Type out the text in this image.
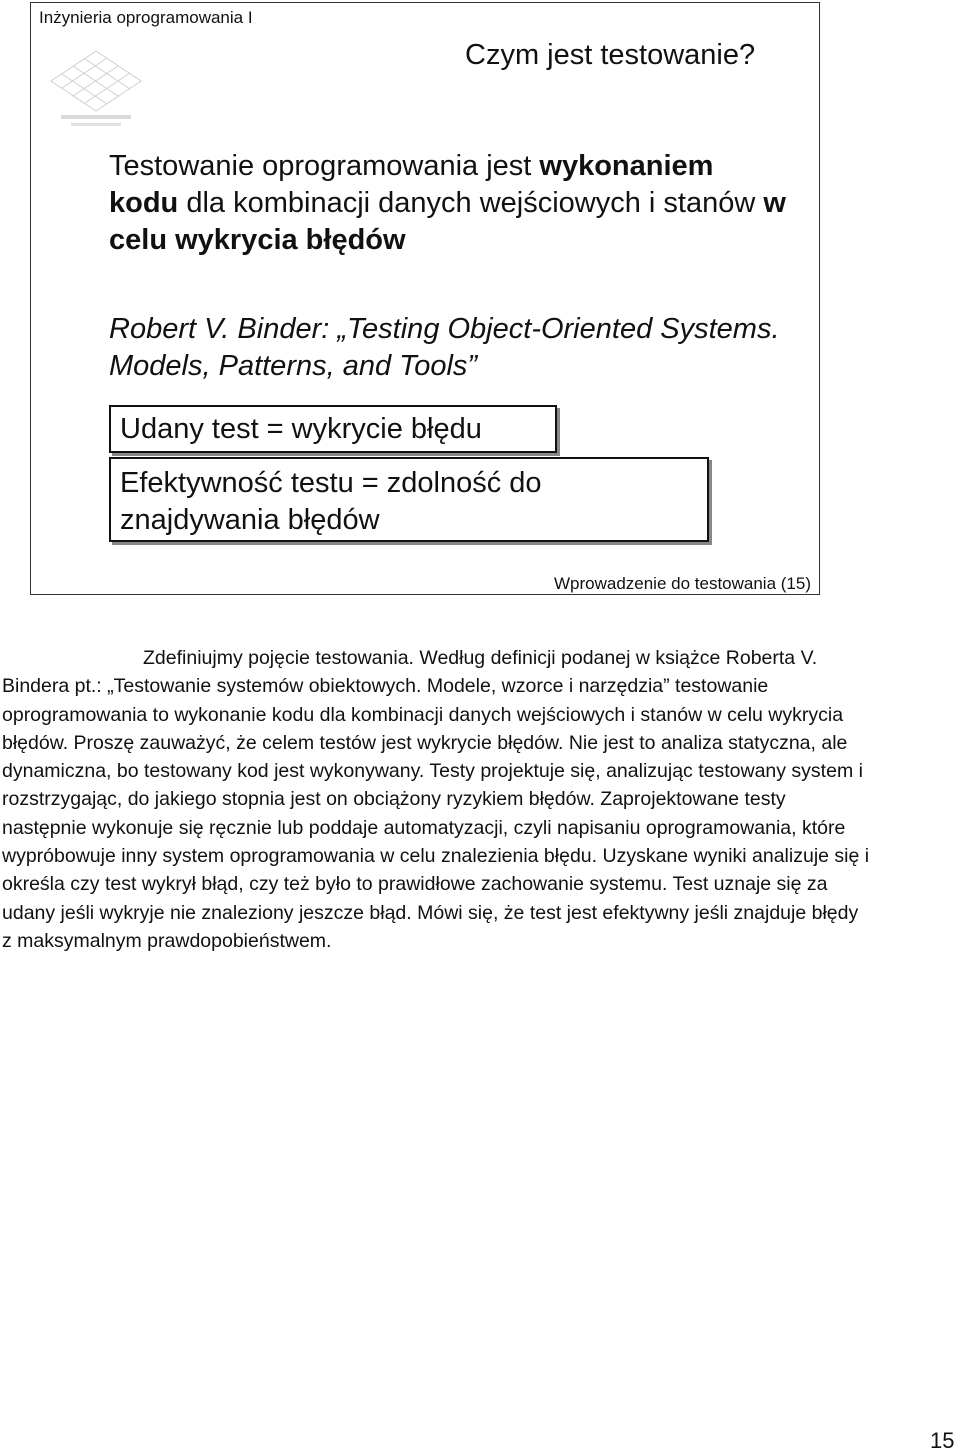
Inżynieria oprogramowania I
Czym jest testowanie?
Testowanie oprogramowania jest wykonaniem kodu dla kombinacji danych wejściowych i stanów w celu wykrycia błędów
Robert V. Binder: „Testing Object-Oriented Systems. Models, Patterns, and Tools”
Udany test = wykrycie błędu
Efektywność testu = zdolność do znajdywania błędów
Wprowadzenie do testowania (15)
Zdefiniujmy pojęcie testowania. Według definicji podanej w książce Roberta V. Bindera pt.: „Testowanie systemów obiektowych. Modele, wzorce i narzędzia” testowanie oprogramowania to wykonanie kodu dla kombinacji danych wejściowych i stanów w celu wykrycia błędów. Proszę zauważyć, że celem testów jest wykrycie błędów. Nie jest to analiza statyczna, ale dynamiczna, bo testowany kod jest wykonywany. Testy projektuje się, analizując testowany system i rozstrzygając, do jakiego stopnia jest on obciążony ryzykiem błędów. Zaprojektowane testy następnie wykonuje się ręcznie lub poddaje automatyzacji, czyli napisaniu oprogramowania, które wypróbowuje inny system oprogramowania w celu znalezienia błędu. Uzyskane wyniki analizuje się i określa czy test wykrył błąd, czy też było to prawidłowe zachowanie systemu. Test uznaje się za udany jeśli wykryje nie znaleziony jeszcze błąd. Mówi się, że test jest efektywny jeśli znajduje błędy z maksymalnym prawdopobieństwem.
15
